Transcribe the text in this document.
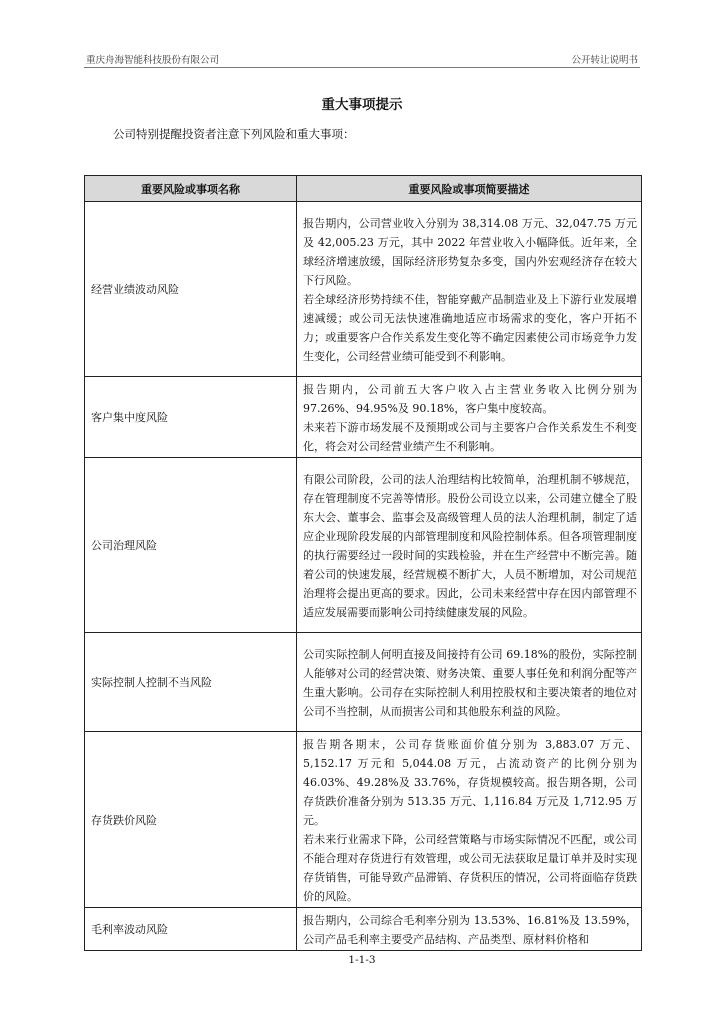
重庆舟海智能科技股份有限公司	公开转让说明书
重大事项提示
公司特别提醒投资者注意下列风险和重大事项：
重要风险或事项名称	重要风险或事项简要描述
经营业绩波动风险	报告期内，公司营业收入分别为 38,314.08 万元、32,047.75 万元及 42,005.23 万元，其中 2022 年营业收入小幅降低。近年来，全球经济增速放缓，国际经济形势复杂多变，国内外宏观经济存在较大下行风险。
若全球经济形势持续不佳，智能穿戴产品制造业及上下游行业发展增速减缓；或公司无法快速准确地适应市场需求的变化，客户开拓不力；或重要客户合作关系发生变化等不确定因素使公司市场竞争力发生变化，公司经营业绩可能受到不利影响。

客户集中度风险	报告期内，公司前五大客户收入占主营业务收入比例分别为 97.26%、94.95%及 90.18%，客户集中度较高。
未来若下游市场发展不及预期或公司与主要客户合作关系发生不利变化，将会对公司经营业绩产生不利影响。

公司治理风险	有限公司阶段，公司的法人治理结构比较简单，治理机制不够规范，存在管理制度不完善等情形。股份公司设立以来，公司建立健全了股东大会、董事会、监事会及高级管理人员的法人治理机制，制定了适应企业现阶段发展的内部管理制度和风险控制体系。但各项管理制度的执行需要经过一段时间的实践检验，并在生产经营中不断完善。随着公司的快速发展，经营规模不断扩大，人员不断增加，对公司规范治理将会提出更高的要求。因此，公司未来经营中存在因内部管理不适应发展需要而影响公司持续健康发展的风险。

实际控制人控制不当风险	公司实际控制人何明直接及间接持有公司 69.18%的股份，实际控制人能够对公司的经营决策、财务决策、重要人事任免和利润分配等产生重大影响。公司存在实际控制人利用控股权和主要决策者的地位对公司不当控制，从而损害公司和其他股东利益的风险。

存货跌价风险	报告期各期末，公司存货账面价值分别为 3,883.07 万元、5,152.17 万元和 5,044.08 万元，占流动资产的比例分别为 46.03%、49.28%及 33.76%，存货规模较高。报告期各期，公司存货跌价准备分别为 513.35 万元、1,116.84 万元及 1,712.95 万元。
若未来行业需求下降，公司经营策略与市场实际情况不匹配，或公司不能合理对存货进行有效管理，或公司无法获取足量订单并及时实现存货销售，可能导致产品滞销、存货积压的情况，公司将面临存货跌价的风险。

毛利率波动风险	报告期内，公司综合毛利率分别为 13.53%、16.81%及 13.59%，公司产品毛利率主要受产品结构、产品类型、原材料价格和
1-1-3
